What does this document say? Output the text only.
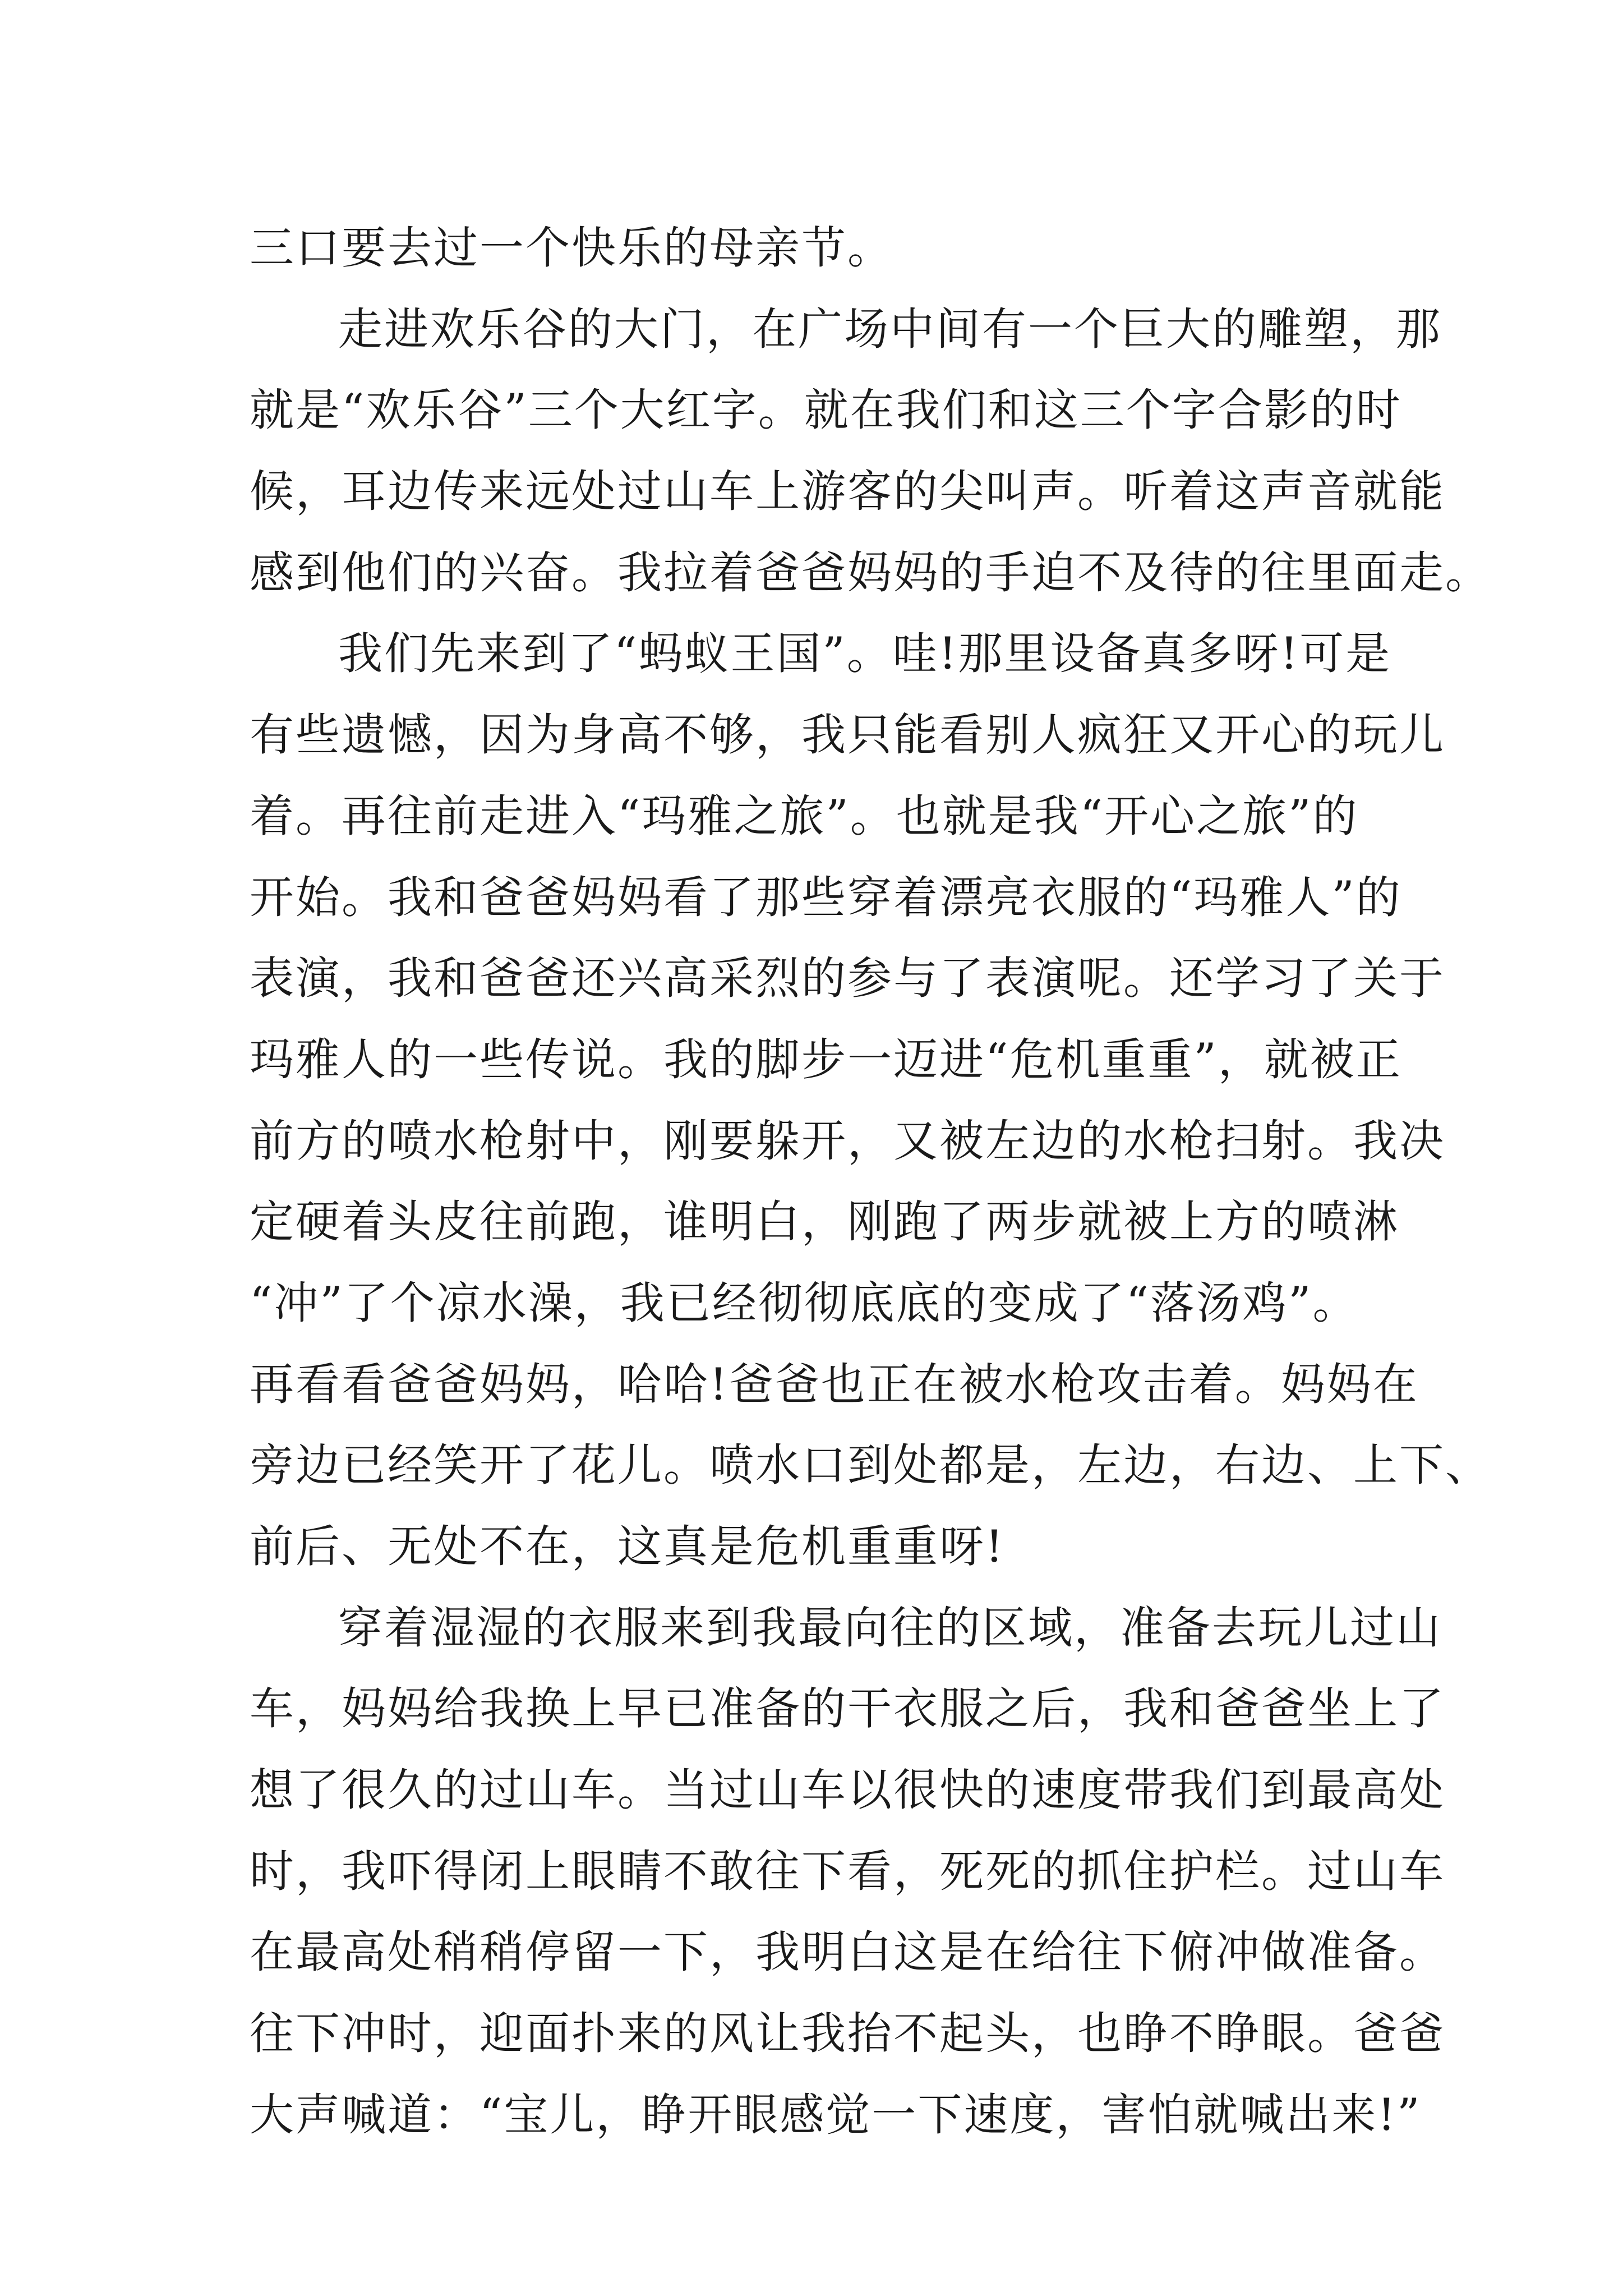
三口要去过一个快乐的母亲节。
走进欢乐谷的大门，在广场中间有一个巨大的雕塑，那
就是“欢乐谷”三个大红字。就在我们和这三个字合影的时
候，耳边传来远处过山车上游客的尖叫声。听着这声音就能
感到他们的兴奋。我拉着爸爸妈妈的手迫不及待的往里面走。
我们先来到了“蚂蚁王国”。哇!那里设备真多呀!可是
有些遗憾，因为身高不够，我只能看别人疯狂又开心的玩儿
着。再往前走进入“玛雅之旅”。也就是我“开心之旅”的
开始。我和爸爸妈妈看了那些穿着漂亮衣服的“玛雅人”的
表演，我和爸爸还兴高采烈的参与了表演呢。还学习了关于
玛雅人的一些传说。我的脚步一迈进“危机重重”，就被正
前方的喷水枪射中，刚要躲开，又被左边的水枪扫射。我决
定硬着头皮往前跑，谁明白，刚跑了两步就被上方的喷淋
“冲”了个凉水澡，我已经彻彻底底的变成了“落汤鸡”。
再看看爸爸妈妈，哈哈!爸爸也正在被水枪攻击着。妈妈在
旁边已经笑开了花儿。喷水口到处都是，左边，右边、上下、
前后、无处不在，这真是危机重重呀!
穿着湿湿的衣服来到我最向往的区域，准备去玩儿过山
车，妈妈给我换上早已准备的干衣服之后，我和爸爸坐上了
想了很久的过山车。当过山车以很快的速度带我们到最高处
时，我吓得闭上眼睛不敢往下看，死死的抓住护栏。过山车
在最高处稍稍停留一下，我明白这是在给往下俯冲做准备。
往下冲时，迎面扑来的风让我抬不起头，也睁不睁眼。爸爸
大声喊道：“宝儿，睁开眼感觉一下速度，害怕就喊出来!”
